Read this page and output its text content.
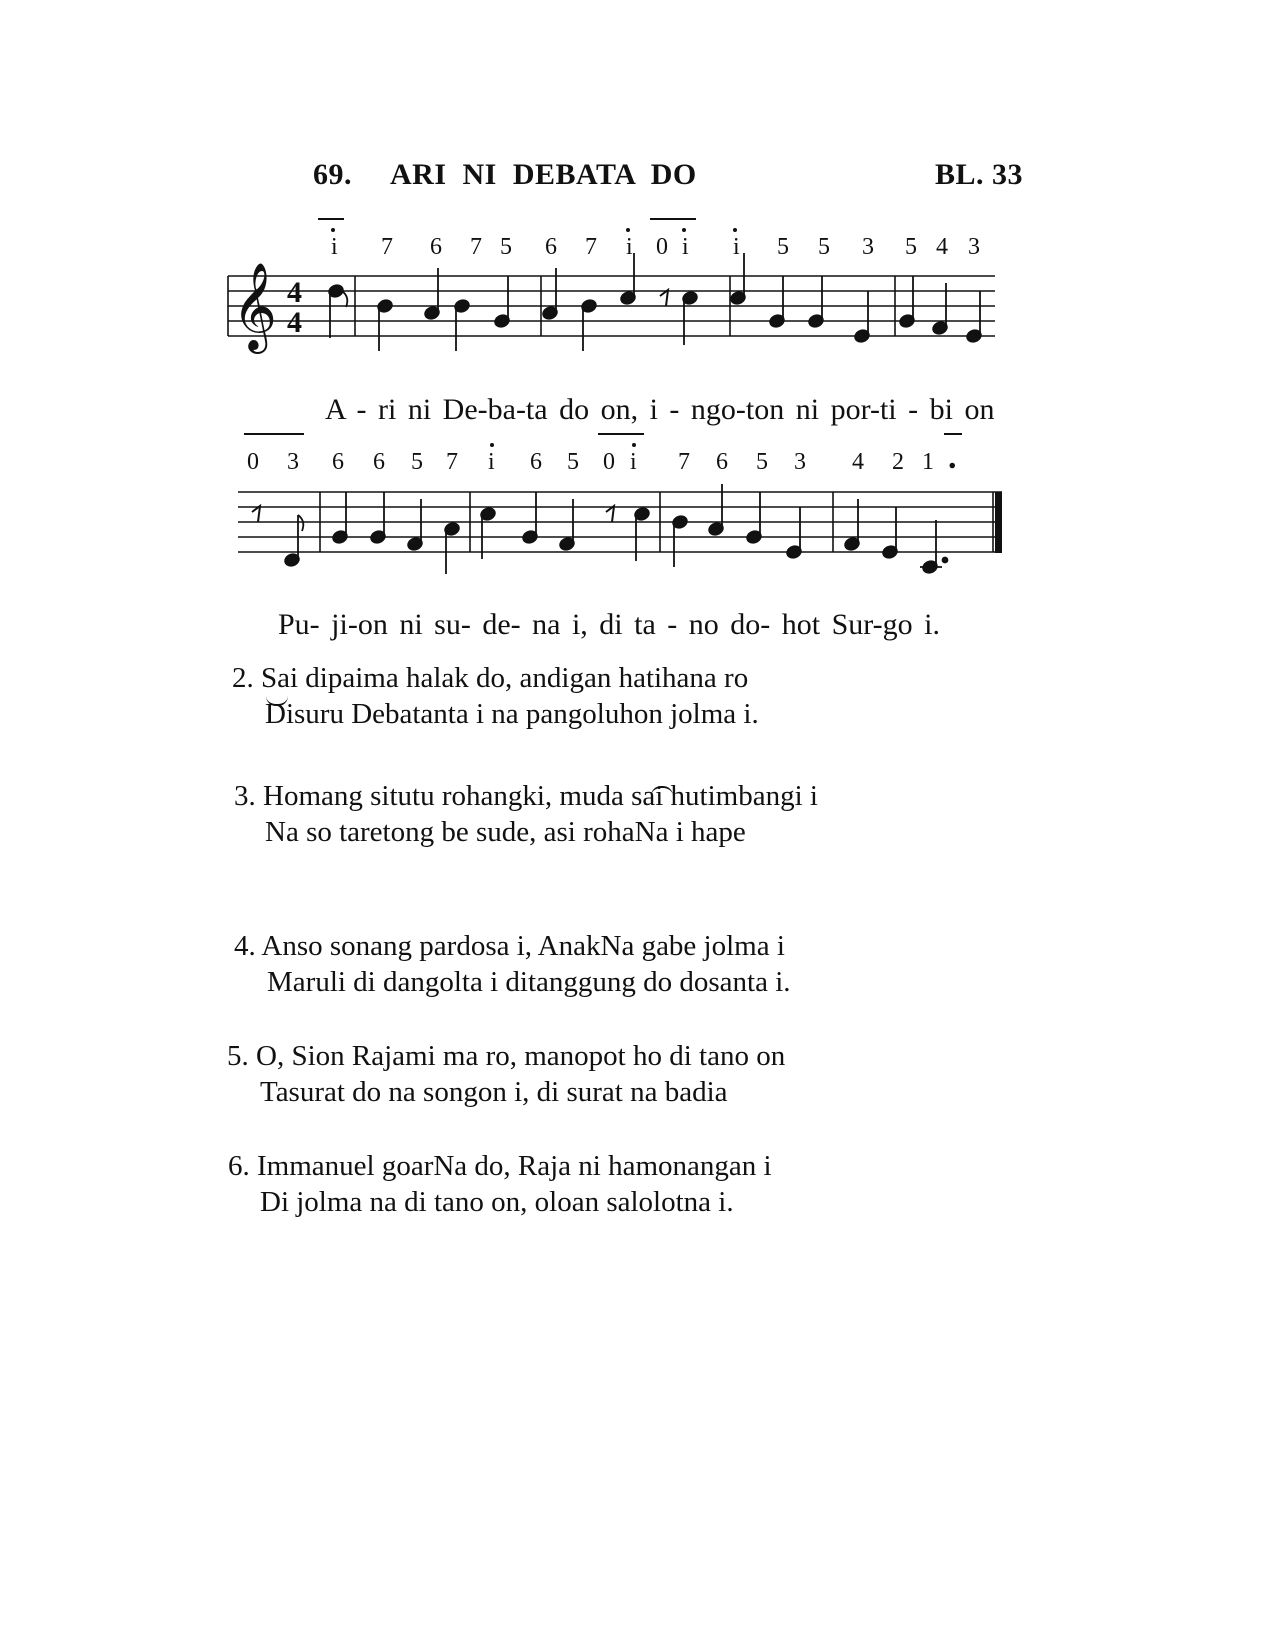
69. ARI NI DEBATA DO	BL. 33
i 7 6 7 5 6 7 i 0 i i 5 5 3 5 4 3
𝄞 4
4
A - ri ni De-ba-ta do on, i - ngo-ton ni por-ti - bi on
0 3 6 6 5 7 i 6 5 0 i 7 6 5 3 4 2 1 .
Pu- ji-on ni su- de- na i, di ta - no do- hot Sur-go i.
2. Sai dipaima halak do, andigan hatihana ro
Disuru Debatanta i na pangoluhon jolma i.
3. Homang situtu rohangki, muda sai hutimbangi i
Na so taretong be sude, asi rohaNa i hape
4. Anso sonang pardosa i, AnakNa gabe jolma i
Maruli di dangolta i ditanggung do dosanta i.
5. O, Sion Rajami ma ro, manopot ho di tano on
Tasurat do na songon i, di surat na badia
6. Immanuel goarNa do, Raja ni hamonangan i
Di jolma na di tano on, oloan salolotna i.
